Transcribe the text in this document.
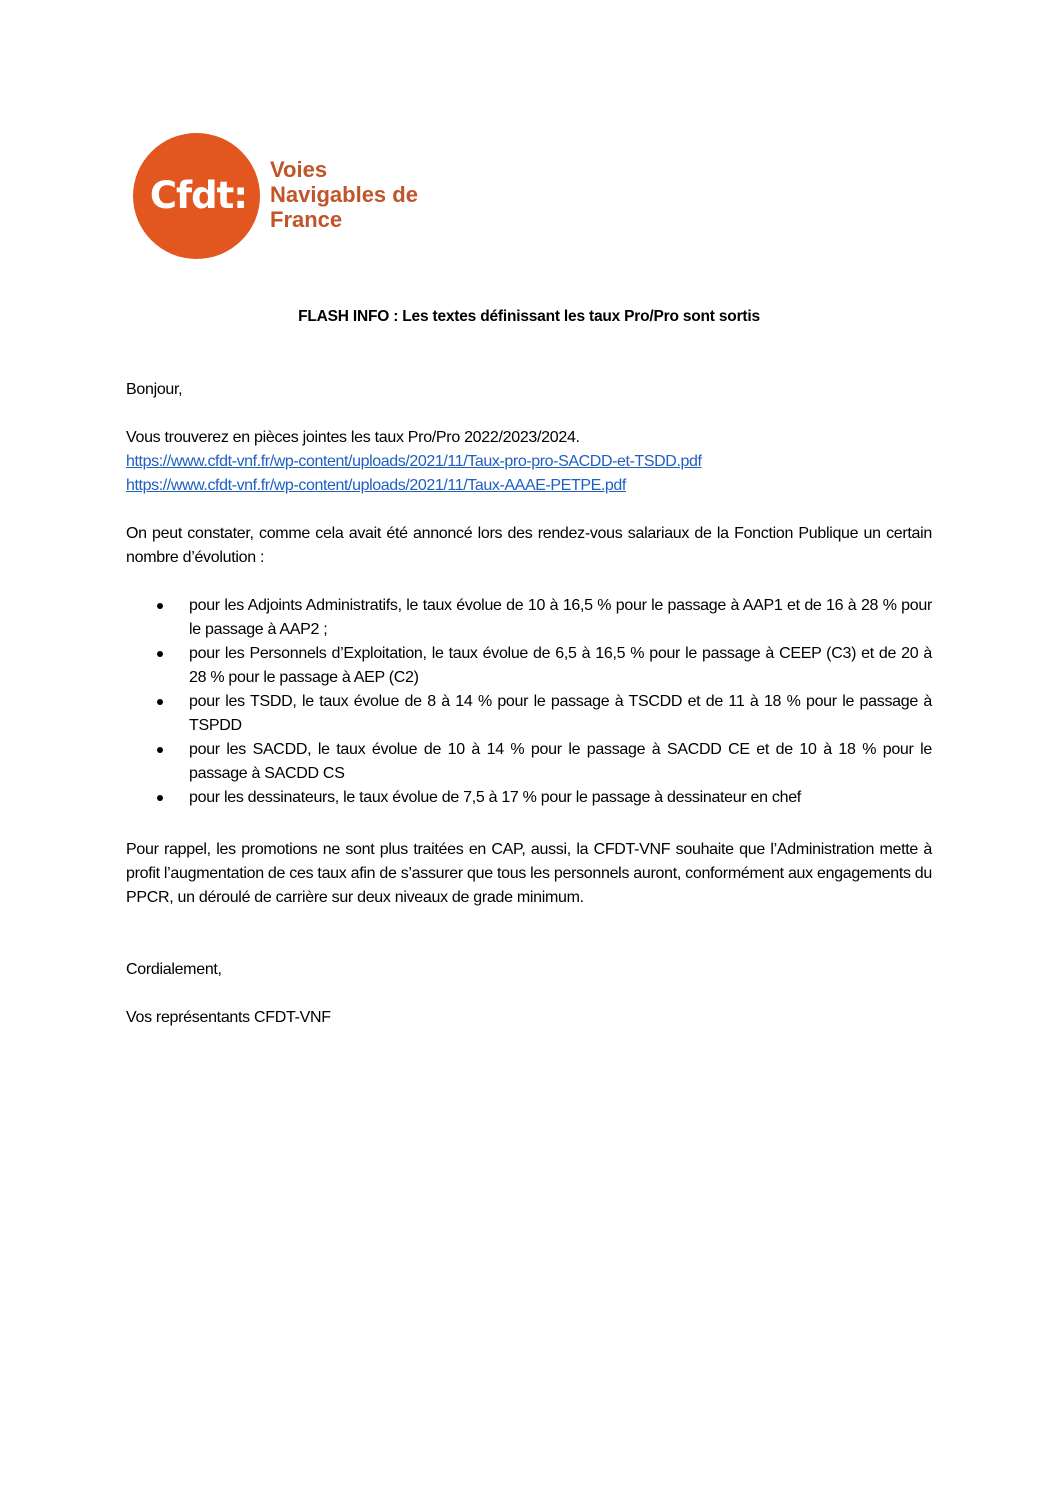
Cfdt:
Voies
Navigables de
France
FLASH INFO : Les textes définissant les taux Pro/Pro sont sortis
Bonjour,
Vous trouverez en pièces jointes les taux Pro/Pro 2022/2023/2024.
https://www.cfdt-vnf.fr/wp-content/uploads/2021/11/Taux-pro-pro-SACDD-et-TSDD.pdf
https://www.cfdt-vnf.fr/wp-content/uploads/2021/11/Taux-AAAE-PETPE.pdf
On peut constater, comme cela avait été annoncé lors des rendez-vous salariaux de la Fonction Publique un certain nombre d’évolution :
pour les Adjoints Administratifs, le taux évolue de 10 à 16,5 % pour le passage à AAP1 et de 16 à 28 % pour le passage à AAP2 ;
pour les Personnels d’Exploitation, le taux évolue de 6,5 à 16,5 % pour le passage à CEEP (C3) et de 20 à 28 % pour le passage à AEP (C2)
pour les TSDD, le taux évolue de 8 à 14 % pour le passage à TSCDD et de 11 à 18 % pour le passage à TSPDD
pour les SACDD, le taux évolue de 10 à 14 % pour le passage à SACDD CE et de 10 à 18 % pour le passage à SACDD CS
pour les dessinateurs, le taux évolue de 7,5 à 17 % pour le passage à dessinateur en chef
Pour rappel, les promotions ne sont plus traitées en CAP, aussi, la CFDT-VNF souhaite que l’Administration mette à profit l’augmentation de ces taux afin de s’assurer que tous les personnels auront, conformément aux engagements du PPCR, un déroulé de carrière sur deux niveaux de grade minimum.
Cordialement,
Vos représentants CFDT-VNF
